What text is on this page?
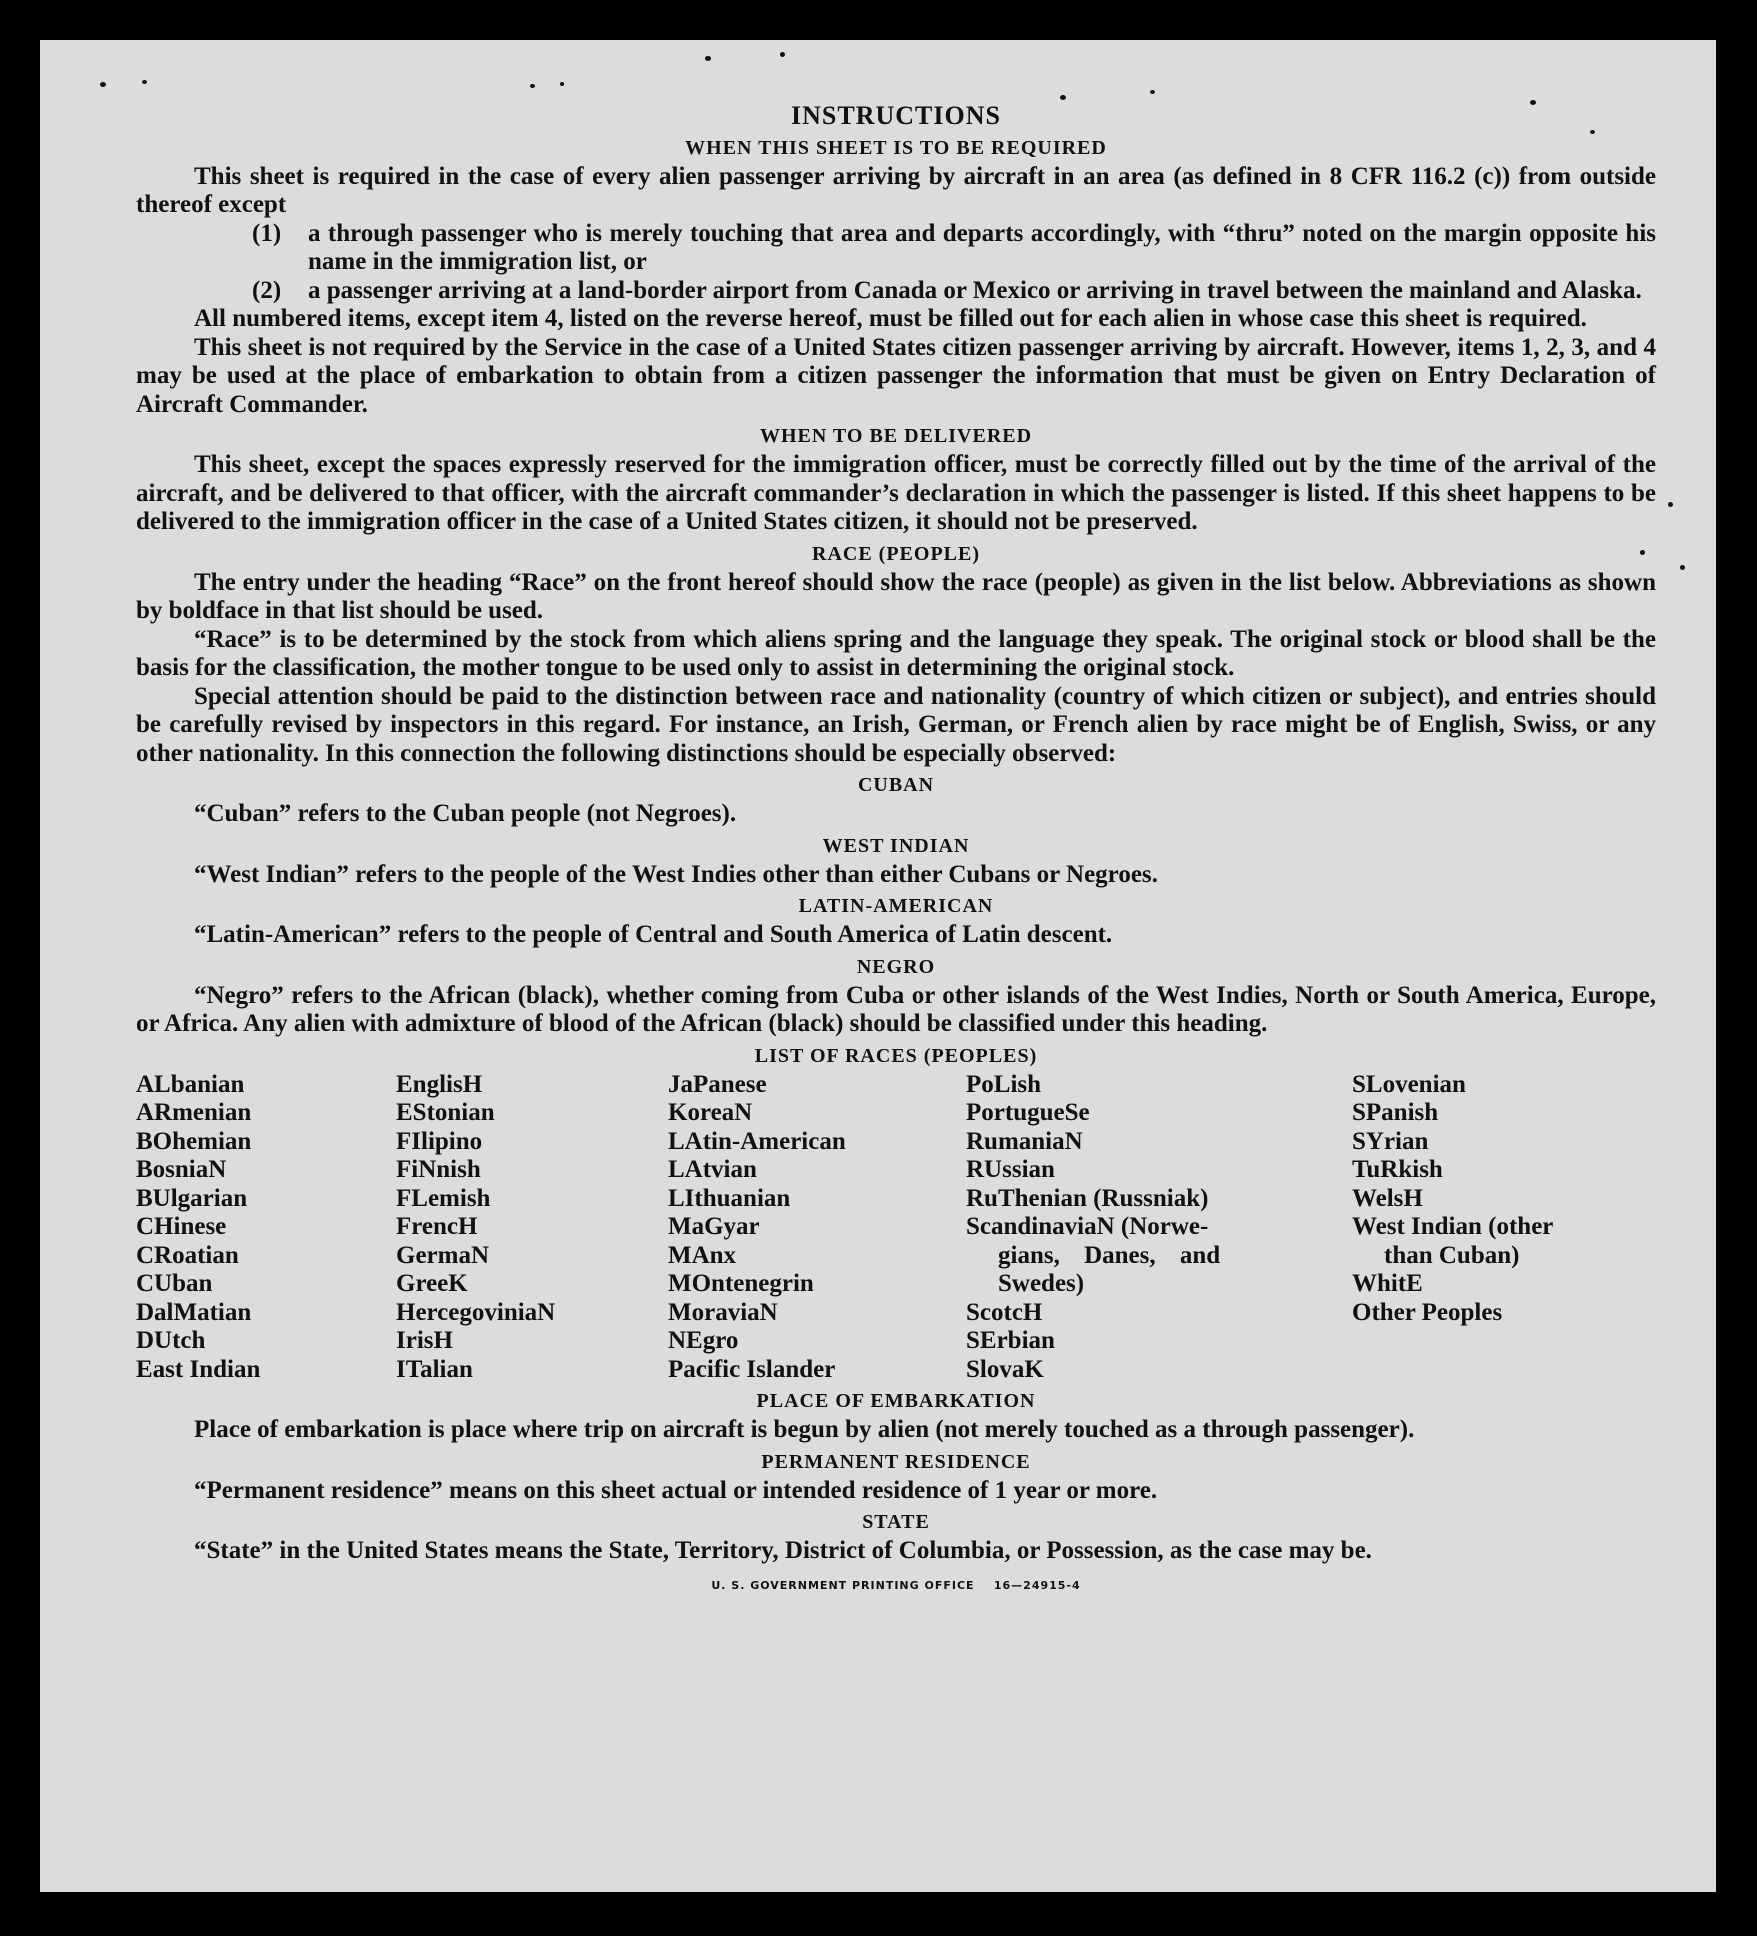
INSTRUCTIONS
WHEN THIS SHEET IS TO BE REQUIRED

This sheet is required in the case of every alien passenger arriving by aircraft in an area (as defined in 8 CFR 116.2 (c)) from outside thereof except

(1)	a through passenger who is merely touching that area and departs accordingly, with “thru” noted on the margin opposite his name in the immigration list, or
(2)	a passenger arriving at a land-border airport from Canada or Mexico or arriving in travel between the mainland and Alaska.

All numbered items, except item 4, listed on the reverse hereof, must be filled out for each alien in whose case this sheet is required.

This sheet is not required by the Service in the case of a United States citizen passenger arriving by aircraft. However, items 1, 2, 3, and 4 may be used at the place of embarkation to obtain from a citizen passenger the information that must be given on Entry Declaration of Aircraft Commander.

WHEN TO BE DELIVERED

This sheet, except the spaces expressly reserved for the immigration officer, must be correctly filled out by the time of the arrival of the aircraft, and be delivered to that officer, with the aircraft commander’s declaration in which the passenger is listed. If this sheet happens to be delivered to the immigration officer in the case of a United States citizen, it should not be preserved.

RACE (PEOPLE)

The entry under the heading “Race” on the front hereof should show the race (people) as given in the list below. Abbreviations as shown by boldface in that list should be used.

“Race” is to be determined by the stock from which aliens spring and the language they speak. The original stock or blood shall be the basis for the classification, the mother tongue to be used only to assist in determining the original stock.

Special attention should be paid to the distinction between race and nationality (country of which citizen or subject), and entries should be carefully revised by inspectors in this regard. For instance, an Irish, German, or French alien by race might be of English, Swiss, or any other nationality. In this connection the following distinctions should be especially observed:

CUBAN

“Cuban” refers to the Cuban people (not Negroes).

WEST INDIAN

“West Indian” refers to the people of the West Indies other than either Cubans or Negroes.

LATIN-AMERICAN

“Latin-American” refers to the people of Central and South America of Latin descent.

NEGRO

“Negro” refers to the African (black), whether coming from Cuba or other islands of the West Indies, North or South America, Europe, or Africa. Any alien with admixture of blood of the African (black) should be classified under this heading.

LIST OF RACES (PEOPLES)
ALbanian
ARmenian
BOhemian
BosniaN
BUlgarian
CHinese
CRoatian
CUban
DalMatian
DUtch
East Indian
EnglisH
EStonian
FIlipino
FiNnish
FLemish
FrencH
GermaN
GreeK
HercegoviniaN
IrisH
ITalian
JaPanese
KoreaN
LAtin-American
LAtvian
LIthuanian
MaGyar
MAnx
MOntenegrin
MoraviaN
NEgro
Pacific Islander
PoLish
PortugueSe
RumaniaN
RUssian
RuThenian (Russniak)
ScandinaviaN (Norwe-
gians, Danes, and
Swedes)
ScotcH
SErbian
SlovaK
SLovenian
SPanish
SYrian
TuRkish
WelsH
West Indian (other
than Cuban)
WhitE
Other Peoples
PLACE OF EMBARKATION

Place of embarkation is place where trip on aircraft is begun by alien (not merely touched as a through passenger).

PERMANENT RESIDENCE

“Permanent residence” means on this sheet actual or intended residence of 1 year or more.

STATE

“State” in the United States means the State, Territory, District of Columbia, or Possession, as the case may be.

U. S. GOVERNMENT PRINTING OFFICE    16—24915-4
